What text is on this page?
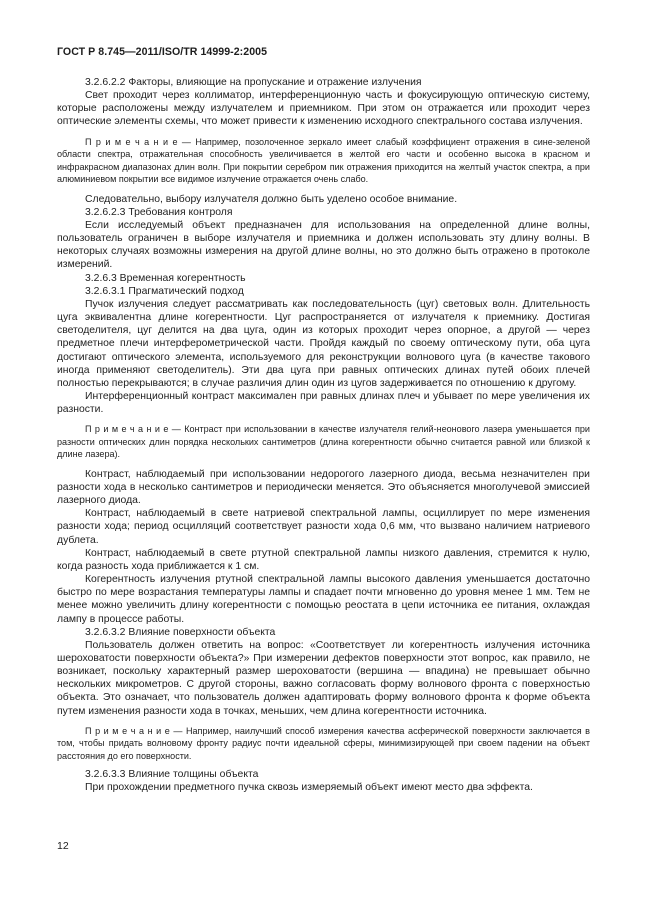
ГОСТ Р 8.745—2011/ISO/TR 14999-2:2005

3.2.6.2.2 Факторы, влияющие на пропускание и отражение излучения

Свет проходит через коллиматор, интерференционную часть и фокусирующую оптическую систему, которые расположены между излучателем и приемником. При этом он отражается или проходит через оптические элементы схемы, что может привести к изменению исходного спектрального состава излучения.

П р и м е ч а н и е — Например, позолоченное зеркало имеет слабый коэффициент отражения в сине-зеленой области спектра, отражательная способность увеличивается в желтой его части и особенно высока в красном и инфракрасном диапазонах длин волн. При покрытии серебром пик отражения приходится на желтый участок спектра, а при алюминиевом покрытии все видимое излучение отражается очень слабо.

Следовательно, выбору излучателя должно быть уделено особое внимание.

3.2.6.2.3 Требования контроля

Если исследуемый объект предназначен для использования на определенной длине волны, пользователь ограничен в выборе излучателя и приемника и должен использовать эту длину волны. В некоторых случаях возможны измерения на другой длине волны, но это должно быть отражено в протоколе измерений.

3.2.6.3 Временная когерентность

3.2.6.3.1 Прагматический подход

Пучок излучения следует рассматривать как последовательность (цуг) световых волн. Длительность цуга эквивалентна длине когерентности. Цуг распространяется от излучателя к приемнику. Достигая светоделителя, цуг делится на два цуга, один из которых проходит через опорное, а другой — через предметное плечи интерферометрической части. Пройдя каждый по своему оптическому пути, оба цуга достигают оптического элемента, используемого для реконструкции волнового цуга (в качестве такового иногда применяют светоделитель). Эти два цуга при равных оптических длинах путей обоих плечей полностью перекрываются; в случае различия длин один из цугов задерживается по отношению к другому.

Интерференционный контраст максимален при равных длинах плеч и убывает по мере увеличения их разности.

П р и м е ч а н и е — Контраст при использовании в качестве излучателя гелий-неонового лазера уменьшается при разности оптических длин порядка нескольких сантиметров (длина когерентности обычно считается равной или близкой к длине лазера).

Контраст, наблюдаемый при использовании недорогого лазерного диода, весьма незначителен при разности хода в несколько сантиметров и периодически меняется. Это объясняется многолучевой эмиссией лазерного диода.

Контраст, наблюдаемый в свете натриевой спектральной лампы, осциллирует по мере изменения разности хода; период осцилляций соответствует разности хода 0,6 мм, что вызвано наличием натриевого дублета.

Контраст, наблюдаемый в свете ртутной спектральной лампы низкого давления, стремится к нулю, когда разность хода приближается к 1 см.

Когерентность излучения ртутной спектральной лампы высокого давления уменьшается достаточно быстро по мере возрастания температуры лампы и спадает почти мгновенно до уровня менее 1 мм. Тем не менее можно увеличить длину когерентности с помощью реостата в цепи источника ее питания, охлаждая лампу в процессе работы.

3.2.6.3.2 Влияние поверхности объекта

Пользователь должен ответить на вопрос: «Соответствует ли когерентность излучения источника шероховатости поверхности объекта?» При измерении дефектов поверхности этот вопрос, как правило, не возникает, поскольку характерный размер шероховатости (вершина — впадина) не превышает обычно нескольких микрометров. С другой стороны, важно согласовать форму волнового фронта с поверхностью объекта. Это означает, что пользователь должен адаптировать форму волнового фронта к форме объекта путем изменения разности хода в точках, меньших, чем длина когерентности источника.

П р и м е ч а н и е — Например, наилучший способ измерения качества асферической поверхности заключается в том, чтобы придать волновому фронту радиус почти идеальной сферы, минимизирующей при своем падении на объект расстояния до его поверхности.

3.2.6.3.3 Влияние толщины объекта

При прохождении предметного пучка сквозь измеряемый объект имеют место два эффекта.

12
